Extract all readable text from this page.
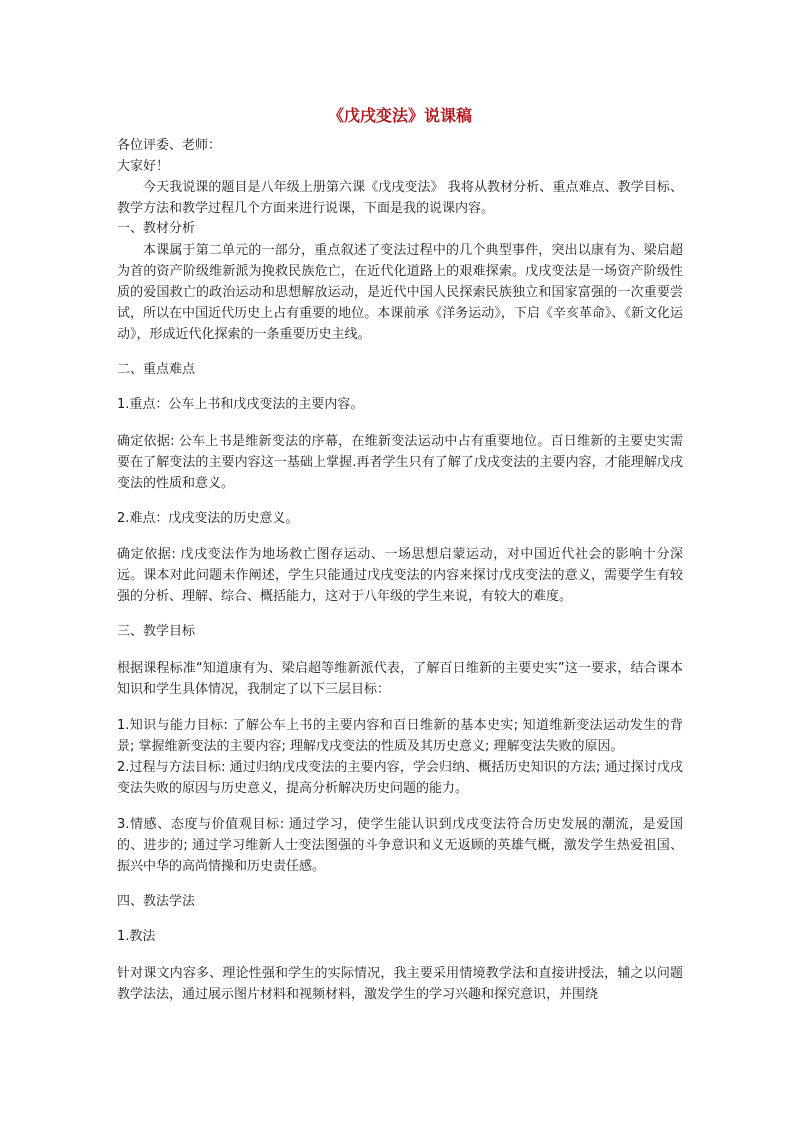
《戊戌变法》说课稿

各位评委、老师：

大家好！

今天我说课的题目是八年级上册第六课《戊戌变法》 我将从教材分析、重点难点、教学目标、教学方法和教学过程几个方面来进行说课，下面是我的说课内容。

一、教材分析

本课属于第二单元的一部分，重点叙述了变法过程中的几个典型事件，突出以康有为、梁启超为首的资产阶级维新派为挽救民族危亡，在近代化道路上的艰难探索。戊戌变法是一场资产阶级性质的爱国救亡的政治运动和思想解放运动，是近代中国人民探索民族独立和国家富强的一次重要尝试，所以在中国近代历史上占有重要的地位。本课前承《洋务运动》，下启《辛亥革命》、《新文化运动》，形成近代化探索的一条重要历史主线。

二、重点难点

1.重点：公车上书和戊戌变法的主要内容。

确定依据: 公车上书是维新变法的序幕，在维新变法运动中占有重要地位。百日维新的主要史实需要在了解变法的主要内容这一基础上掌握.再者学生只有了解了戊戌变法的主要内容，才能理解戊戌变法的性质和意义。

2.难点：戊戌变法的历史意义。

确定依据: 戊戌变法作为地场救亡图存运动、一场思想启蒙运动，对中国近代社会的影响十分深远。课本对此问题未作阐述，学生只能通过戊戌变法的内容来探讨戊戌变法的意义，需要学生有较强的分析、理解、综合、概括能力，这对于八年级的学生来说，有较大的难度。

三、教学目标

根据课程标准“知道康有为、梁启超等维新派代表，了解百日维新的主要史实”这一要求，结合课本知识和学生具体情况，我制定了以下三层目标：

1.知识与能力目标: 了解公车上书的主要内容和百日维新的基本史实; 知道维新变法运动发生的背景; 掌握维新变法的主要内容; 理解戊戌变法的性质及其历史意义; 理解变法失败的原因。

2.过程与方法目标: 通过归纳戊戌变法的主要内容，学会归纳、概括历史知识的方法; 通过探讨戊戌变法失败的原因与历史意义，提高分析解决历史问题的能力。

3.情感、态度与价值观目标: 通过学习，使学生能认识到戊戌变法符合历史发展的潮流，是爱国的、进步的; 通过学习维新人士变法图强的斗争意识和义无返顾的英雄气概，激发学生热爱祖国、振兴中华的高尚情操和历史责任感。

四、教法学法

1.教法

针对课文内容多、理论性强和学生的实际情况，我主要采用情境教学法和直接讲授法，辅之以问题教学法法，通过展示图片材料和视频材料，激发学生的学习兴趣和探究意识，并围绕
